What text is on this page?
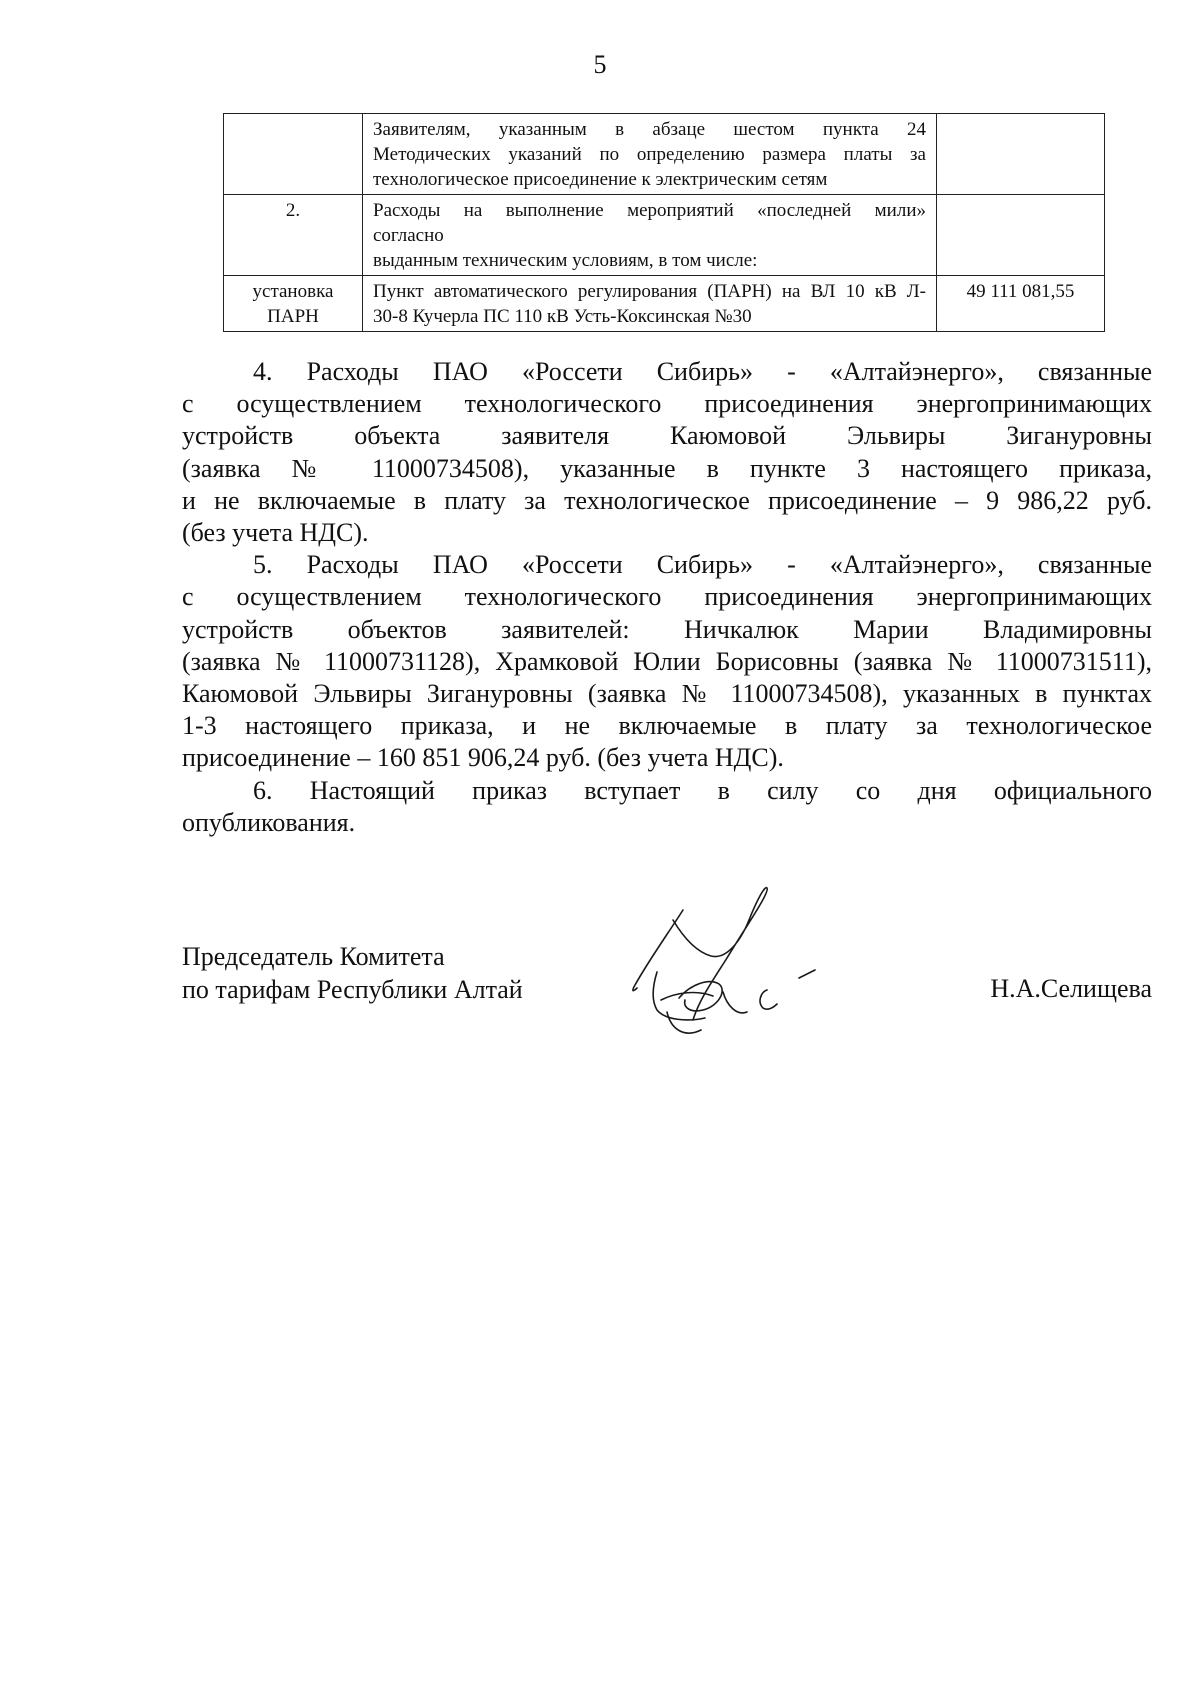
5

	Заявителям, указанным в абзаце шестом пункта 24
Методических указаний по определению размера платы за
технологическое присоединение к электрическим сетям	

2.	Расходы на выполнение мероприятий «последней мили»
согласно
выданным техническим условиям, в том числе:	

установка
ПАРН	Пункт автоматического регулирования (ПАРН) на ВЛ 10 кВ Л-
30-8 Кучерла ПС 110 кВ Усть-Коксинская №30	49 111 081,55
4. Расходы ПАО «Россети Сибирь» - «Алтайэнерго», связанные
с осуществлением технологического присоединения энергопринимающих
устройств объекта заявителя Каюмовой Эльвиры Зигануровны
(заявка № 11000734508), указанные в пункте 3 настоящего приказа,
и не включаемые в плату за технологическое присоединение – 9 986,22 руб.
(без учета НДС).
5. Расходы ПАО «Россети Сибирь» - «Алтайэнерго», связанные
с осуществлением технологического присоединения энергопринимающих
устройств объектов заявителей: Ничкалюк Марии Владимировны
(заявка № 11000731128), Храмковой Юлии Борисовны (заявка № 11000731511),
Каюмовой Эльвиры Зигануровны (заявка № 11000734508), указанных в пунктах
1-3 настоящего приказа, и не включаемые в плату за технологическое
присоединение – 160 851 906,24 руб. (без учета НДС).
6. Настоящий приказ вступает в силу со дня официального
опубликования.
Председатель Комитета
по тарифам Республики Алтай	Н.А.Селищева
